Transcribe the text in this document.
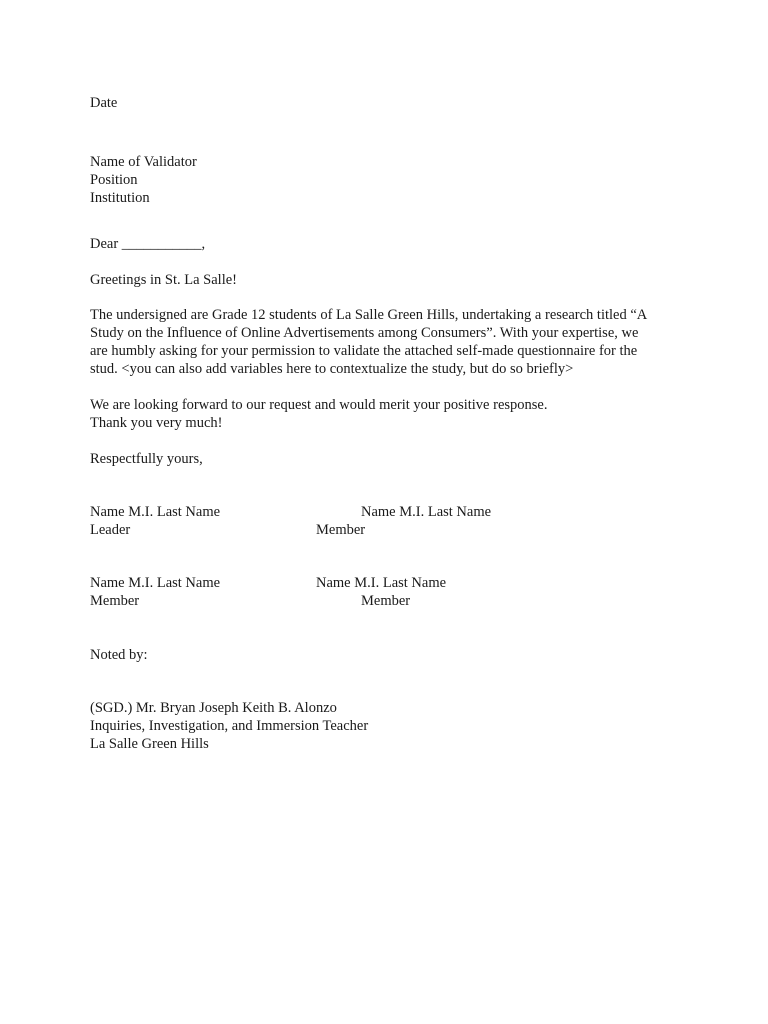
Date
Name of Validator
Position
Institution
Dear ___________,
Greetings in St. La Salle!
The undersigned are Grade 12 students of La Salle Green Hills, undertaking a research titled “A
Study on the Influence of Online Advertisements among Consumers”. With your expertise, we
are humbly asking for your permission to validate the attached self-made questionnaire for the
stud. <you can also add variables here to contextualize the study, but do so briefly>
We are looking forward to our request and would merit your positive response.
Thank you very much!
Respectfully yours,
Name M.I. Last Name
Leader
Name M.I. Last Name
Member
Name M.I. Last Name
Member
Name M.I. Last Name
Member
Noted by:
(SGD.) Mr. Bryan Joseph Keith B. Alonzo
Inquiries, Investigation, and Immersion Teacher
La Salle Green Hills
